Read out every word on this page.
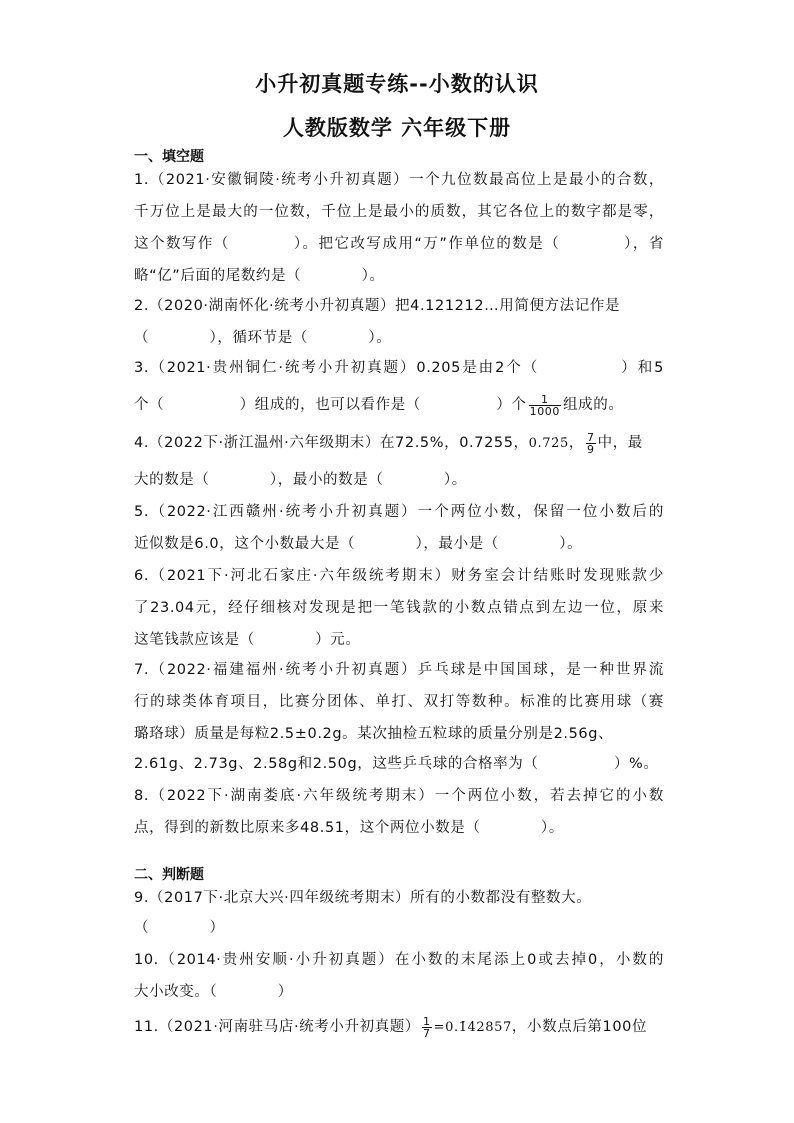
小升初真题专练--小数的认识
人教版数学 六年级下册
一、填空题
1.（2021·安徽铜陵·统考小升初真题）一个九位数最高位上是最小的合数，
千万位上是最大的一位数，千位上是最小的质数，其它各位上的数字都是零，
这个数写作（　　　　）。把它改写成用“万”作单位的数是（　　　　），省
略“亿”后面的尾数约是（　　　　）。
2.（2020·湖南怀化·统考小升初真题）把4.121212…用简便方法记作是
（　　　　），循环节是（　　　　）。
3.（2021·贵州铜仁·统考小升初真题）0.205是由2个（　　　　　）和5
个（　　　　　）组成的，也可以看作是（　　　　　）个 $\frac{1}{1000}$ 组成的。
4.（2022下·浙江温州·六年级期末）在72.5%，0.7255，0.72̇5̇， $\frac{7}{9}$ 中，最
大的数是（　　　　），最小的数是（　　　　）。
5.（2022·江西赣州·统考小升初真题）一个两位小数，保留一位小数后的
近似数是6.0，这个小数最大是（　　　　），最小是（　　　　）。
6.（2021下·河北石家庄·六年级统考期末）财务室会计结账时发现账款少
了23.04元，经仔细核对发现是把一笔钱款的小数点错点到左边一位，原来
这笔钱款应该是（　　　　）元。
7.（2022·福建福州·统考小升初真题）乒乓球是中国国球，是一种世界流
行的球类体育项目，比赛分团体、单打、双打等数种。标准的比赛用球（赛
璐珞球）质量是每粒2.5±0.2g。某次抽检五粒球的质量分别是2.56g、
2.61g、2.73g、2.58g和2.50g，这些乒乓球的合格率为（　　　　　）%。
8.（2022下·湖南娄底·六年级统考期末）一个两位小数，若去掉它的小数
点，得到的新数比原来多48.51，这个两位小数是（　　　　）。
二、判断题
9.（2017下·北京大兴·四年级统考期末）所有的小数都没有整数大。
（　　　　）
10.（2014·贵州安顺·小升初真题）在小数的末尾添上0或去掉0，小数的
大小改变。（　　　　）
11.（2021·河南驻马店·统考小升初真题） $\frac{1}{7}$ =0.1̇42857̇，小数点后第100位
